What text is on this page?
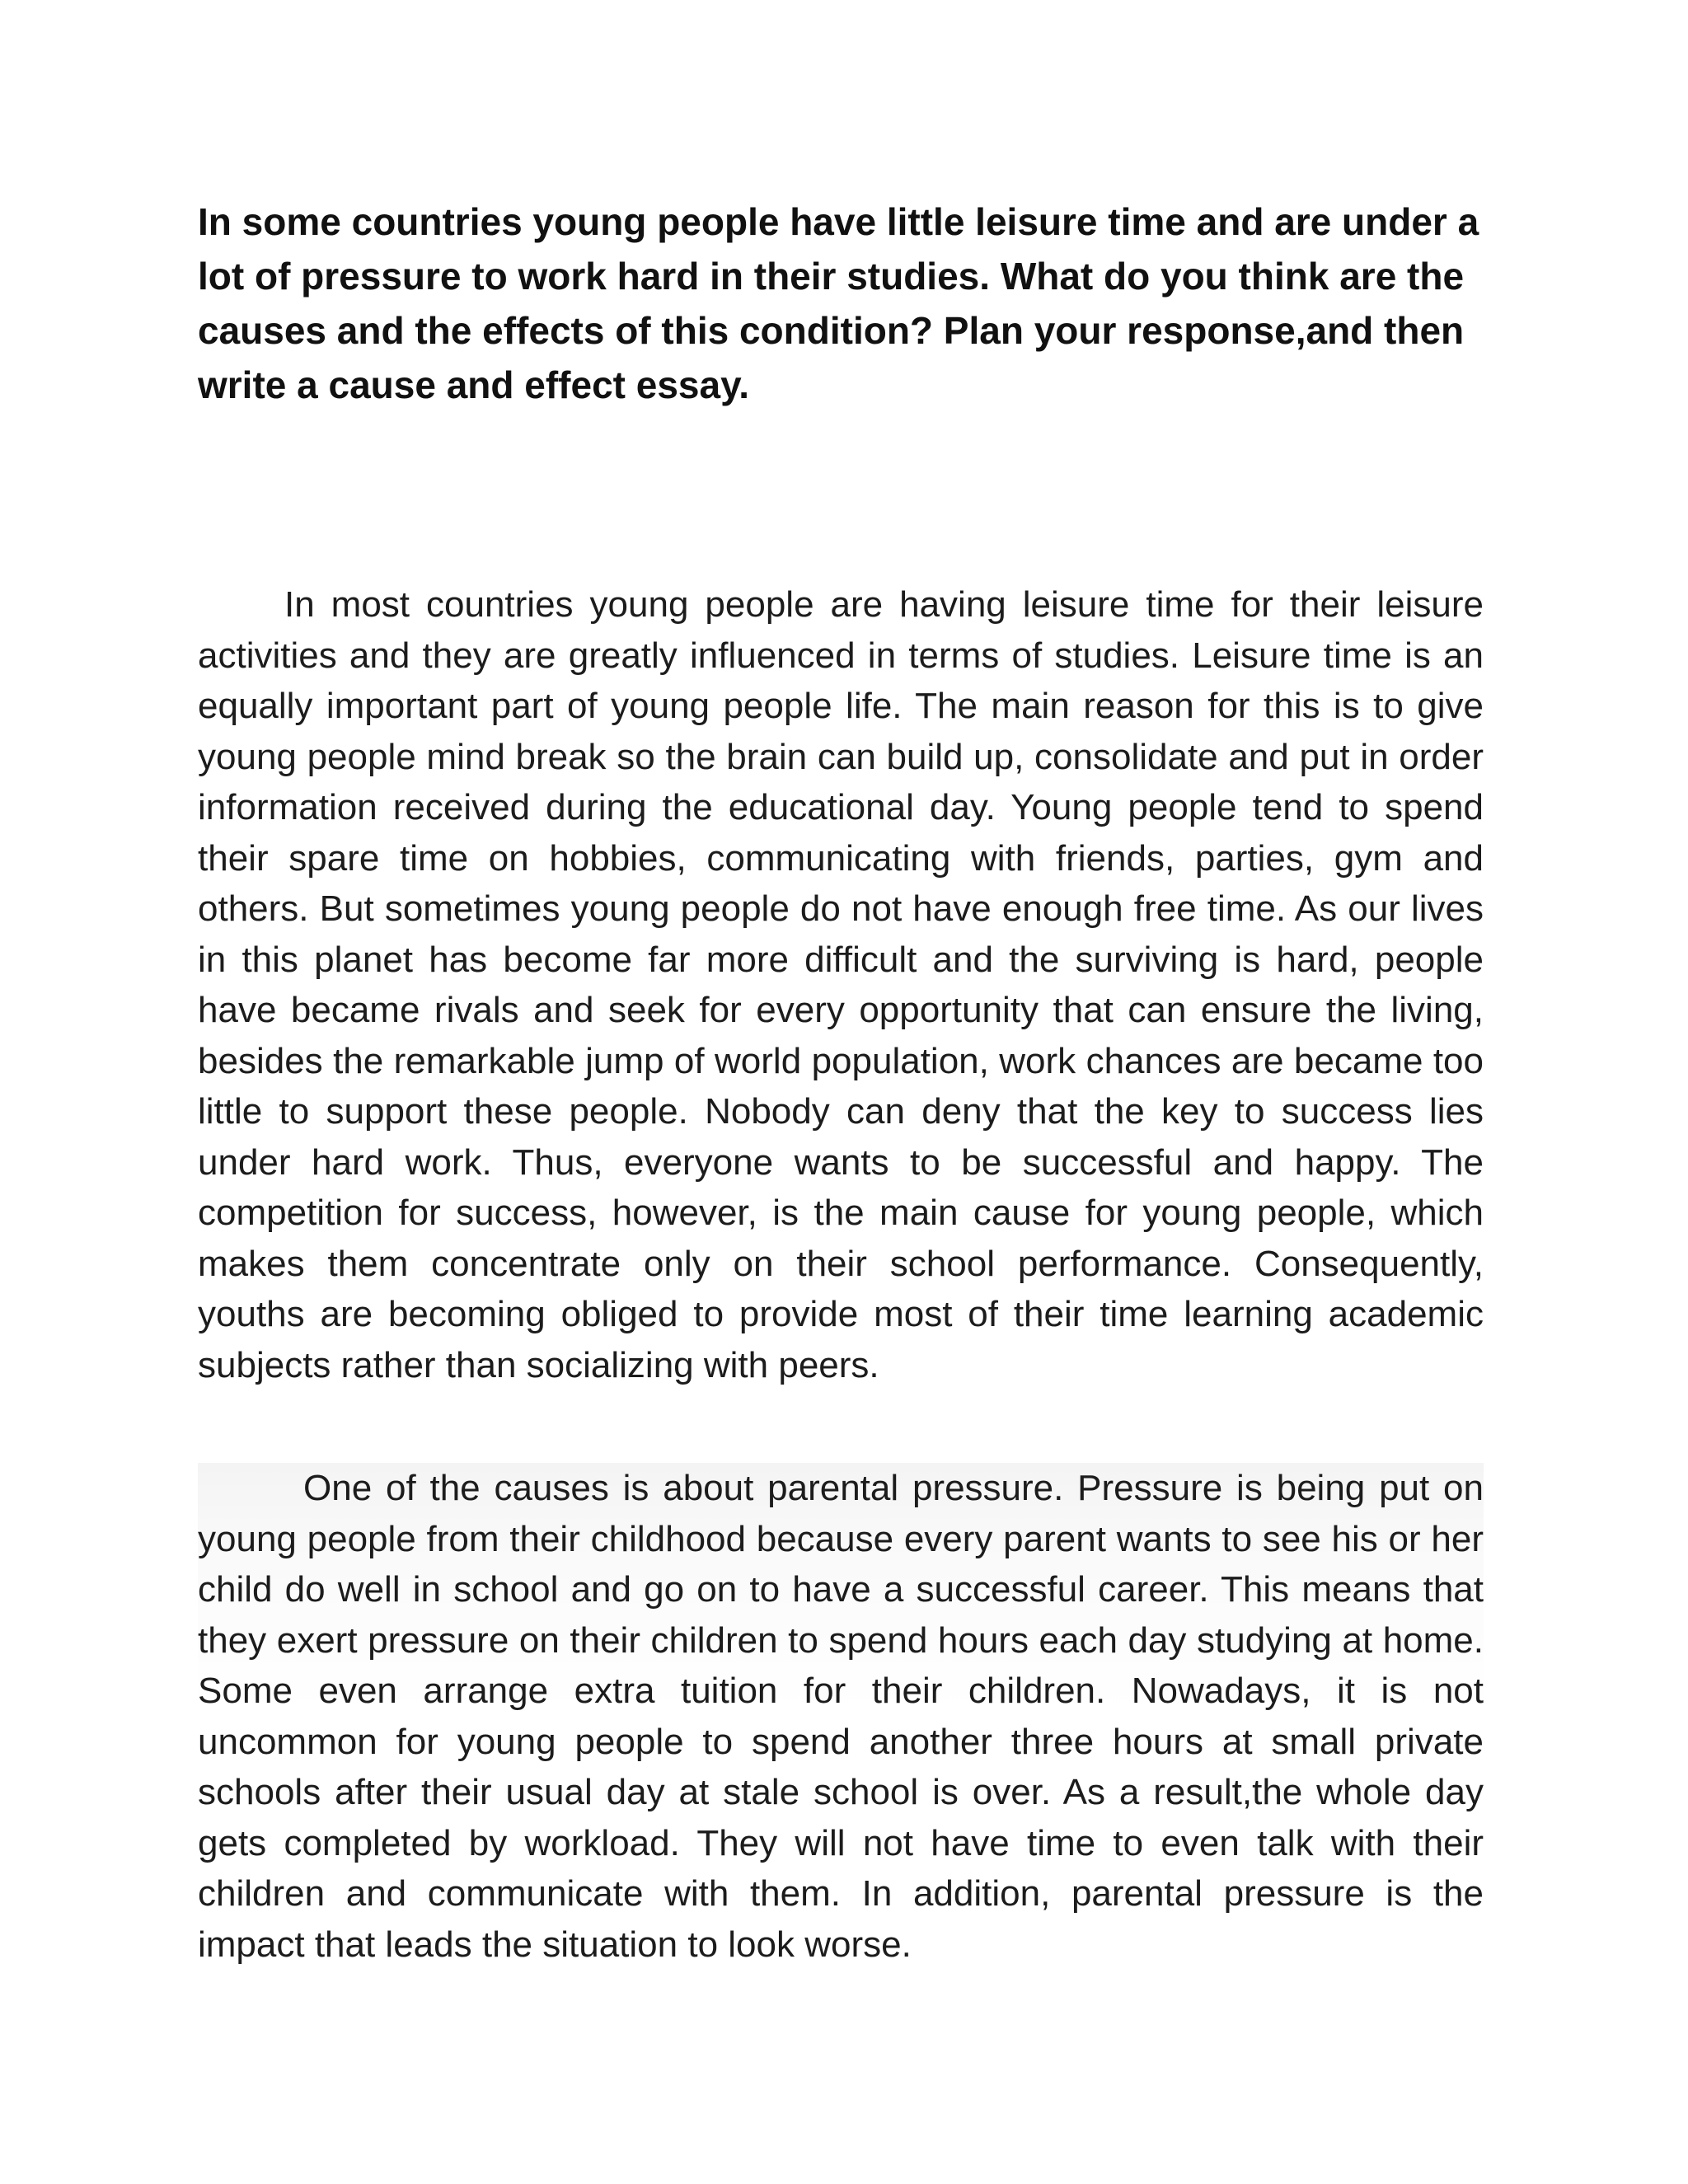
In some countries young people have little leisure time and are under a lot of pressure to work hard in their studies. What do you think are the causes and the effects of this condition? Plan your response,and then write a cause and effect essay.

In most countries young people are having leisure time for their leisure activities and they are greatly influenced in terms of studies. Leisure time is an equally important part of young people life. The main reason for this is to give young people mind break so the brain can build up, consolidate and put in order information received during the educational day. Young people tend to spend their spare time on hobbies, communicating with friends, parties, gym and others. But sometimes young people do not have enough free time. As our lives in this planet has become far more difficult and the surviving is hard, people have became rivals and seek for every opportunity that can ensure the living, besides the remarkable jump of world population, work chances are became too little to support these people. Nobody can deny that the key to success lies under hard work. Thus, everyone wants to be successful and happy. The competition for success, however, is the main cause for young people, which makes them concentrate only on their school performance. Consequently, youths are becoming obliged to provide most of their time learning academic subjects rather than socializing with peers.

One of the causes is about parental pressure. Pressure is being put on young people from their childhood because every parent wants to see his or her child do well in school and go on to have a successful career. This means that they exert pressure on their children to spend hours each day studying at home. Some even arrange extra tuition for their children. Nowadays, it is not uncommon for young people to spend another three hours at small private schools after their usual day at stale school is over. As a result,the whole day gets completed by workload. They will not have time to even talk with their children and communicate with them. In addition, parental pressure is the impact that leads the situation to look worse.
